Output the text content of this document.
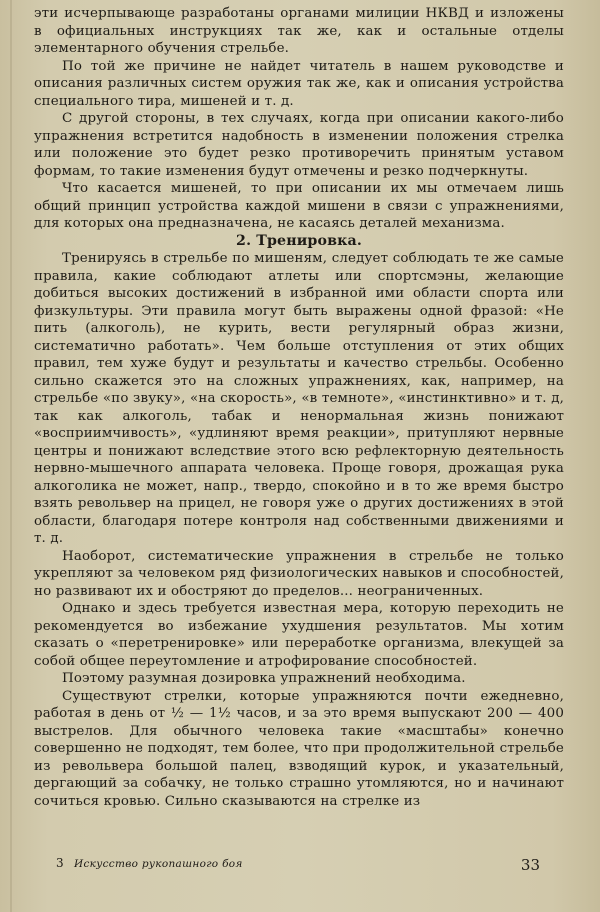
эти исчерпывающе разработаны органами милиции НКВД и изложены в официальных инструкциях так же, как и остальные отделы элементарного обучения стрельбе.

По той же причине не найдет читатель в нашем руководстве и описания различных систем оружия так же, как и описания устройства специального тира, мишеней и т. д.

С другой стороны, в тех случаях, когда при описании какого-либо упражнения встретится надобность в изменении положения стрелка или положение это будет резко противоречить принятым уставом формам, то такие изменения будут отмечены и резко подчеркнуты.

Что касается мишеней, то при описании их мы отмечаем лишь общий принцип устройства каждой мишени в связи с упражнениями, для которых она предназначена, не касаясь деталей механизма.

2. Тренировка.

Тренируясь в стрельбе по мишеням, следует соблюдать те же самые правила, какие соблюдают атлеты или спортсмэны, желающие добиться высоких достижений в избранной ими области спорта или физкультуры. Эти правила могут быть выражены одной фразой: «Не пить (алкоголь), не курить, вести регулярный образ жизни, систематично работать». Чем больше отступления от этих общих правил, тем хуже будут и результаты и качество стрельбы. Особенно сильно скажется это на сложных упражнениях, как, например, на стрельбе «по звуку», «на скорость», «в темноте», «инстинктивно» и т. д, так как алкоголь, табак и ненормальная жизнь понижают «восприимчивость», «удлиняют время реакции», притупляют нервные центры и понижают вследствие этого всю рефлекторную деятельность нервно-мышечного аппарата человека. Проще говоря, дрожащая рука алкоголика не может, напр., твердо, спокойно и в то же время быстро взять револьвер на прицел, не говоря уже о других достижениях в этой области, благодаря потере контроля над собственными движениями и т. д.

Наоборот, систематические упражнения в стрельбе не только укрепляют за человеком ряд физиологических навыков и способностей, но развивают их и обостряют до пределов... неограниченных.

Однако и здесь требуется известная мера, которую переходить не рекомендуется во избежание ухудшения результатов. Мы хотим сказать о «перетренировке» или переработке организма, влекущей за собой общее переутомление и атрофирование способностей.

Поэтому разумная дозировка упражнений необходима.

Существуют стрелки, которые упражняются почти ежедневно, работая в день от ½ — 1½ часов, и за это время выпускают 200 — 400 выстрелов. Для обычного человека такие «масштабы» конечно совершенно не подходят, тем более, что при продолжительной стрельбе из револьвера большой палец, взводящий курок, и указательный, дергающий за собачку, не только страшно утомляются, но и начинают сочиться кровью. Сильно сказываются на стрелке из

3 Искусство рукопашного боя	33
